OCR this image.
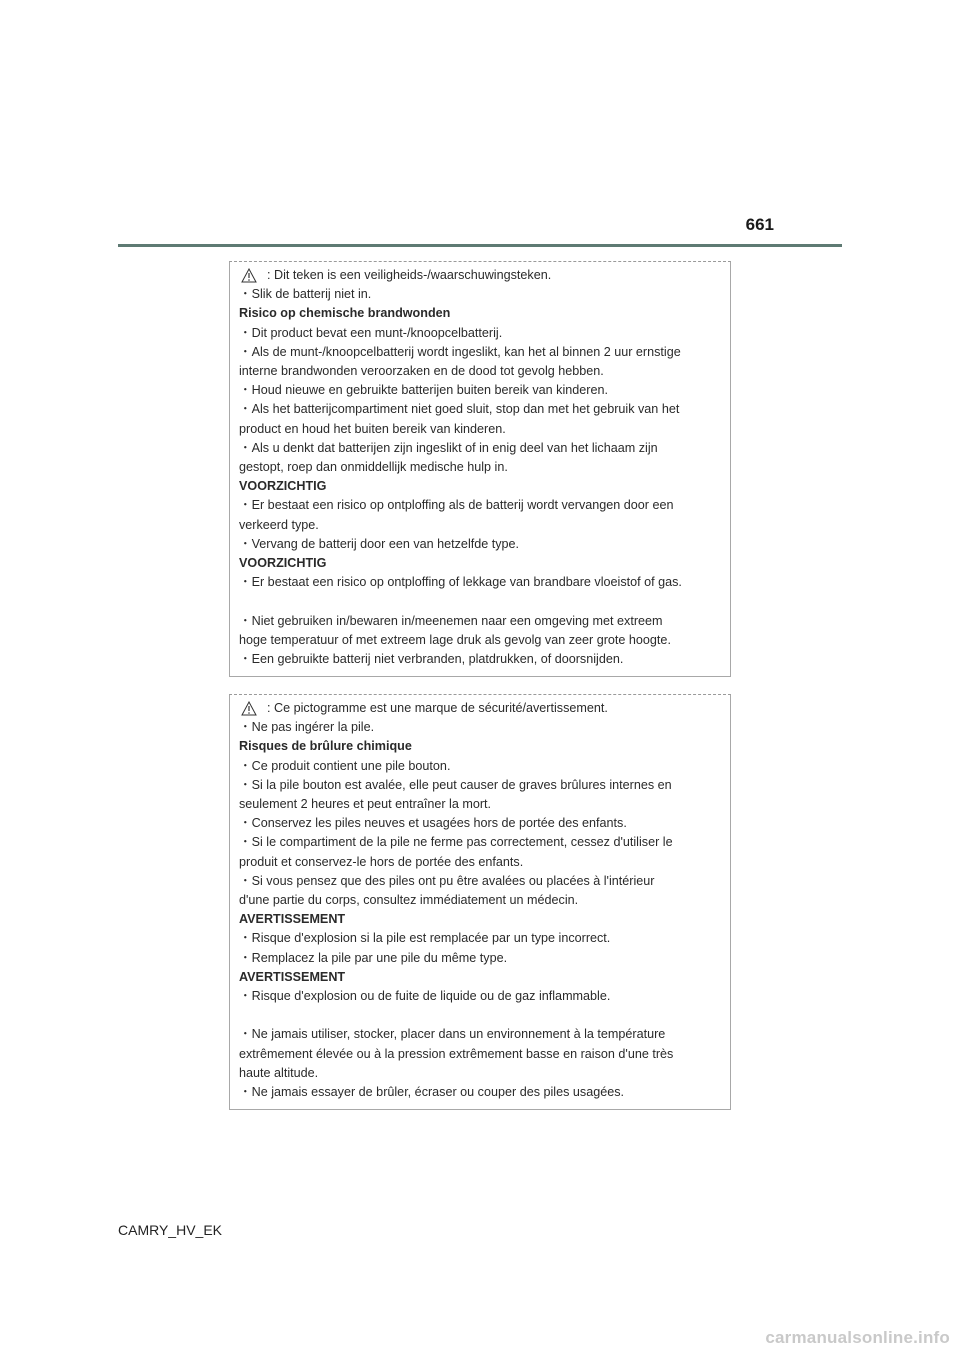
661
: Dit teken is een veiligheids-/waarschuwingsteken.
・Slik de batterij niet in.
Risico op chemische brandwonden
・Dit product bevat een munt-/knoopcelbatterij.
・Als de munt-/knoopcelbatterij wordt ingeslikt, kan het al binnen 2 uur ernstige
interne brandwonden veroorzaken en de dood tot gevolg hebben.
・Houd nieuwe en gebruikte batterijen buiten bereik van kinderen.
・Als het batterijcompartiment niet goed sluit, stop dan met het gebruik van het
product en houd het buiten bereik van kinderen.
・Als u denkt dat batterijen zijn ingeslikt of in enig deel van het lichaam zijn
gestopt, roep dan onmiddellijk medische hulp in.
VOORZICHTIG
・Er bestaat een risico op ontploffing als de batterij wordt vervangen door een
verkeerd type.
・Vervang de batterij door een van hetzelfde type.
VOORZICHTIG
・Er bestaat een risico op ontploffing of lekkage van brandbare vloeistof of gas.
・Niet gebruiken in/bewaren in/meenemen naar een omgeving met extreem
hoge temperatuur of met extreem lage druk als gevolg van zeer grote hoogte.
・Een gebruikte batterij niet verbranden, platdrukken, of doorsnijden.
: Ce pictogramme est une marque de sécurité/avertissement.
・Ne pas ingérer la pile.
Risques de brûlure chimique
・Ce produit contient une pile bouton.
・Si la pile bouton est avalée, elle peut causer de graves brûlures internes en
seulement 2 heures et peut entraîner la mort.
・Conservez les piles neuves et usagées hors de portée des enfants.
・Si le compartiment de la pile ne ferme pas correctement, cessez d'utiliser le
produit et conservez-le hors de portée des enfants.
・Si vous pensez que des piles ont pu être avalées ou placées à l'intérieur
d'une partie du corps, consultez immédiatement un médecin.
AVERTISSEMENT
・Risque d'explosion si la pile est remplacée par un type incorrect.
・Remplacez la pile par une pile du même type.
AVERTISSEMENT
・Risque d'explosion ou de fuite de liquide ou de gaz inflammable.
・Ne jamais utiliser, stocker, placer dans un environnement à la température
extrêmement élevée ou à la pression extrêmement basse en raison d'une très
haute altitude.
・Ne jamais essayer de brûler, écraser ou couper des piles usagées.
CAMRY_HV_EK
carmanualsonline.info
